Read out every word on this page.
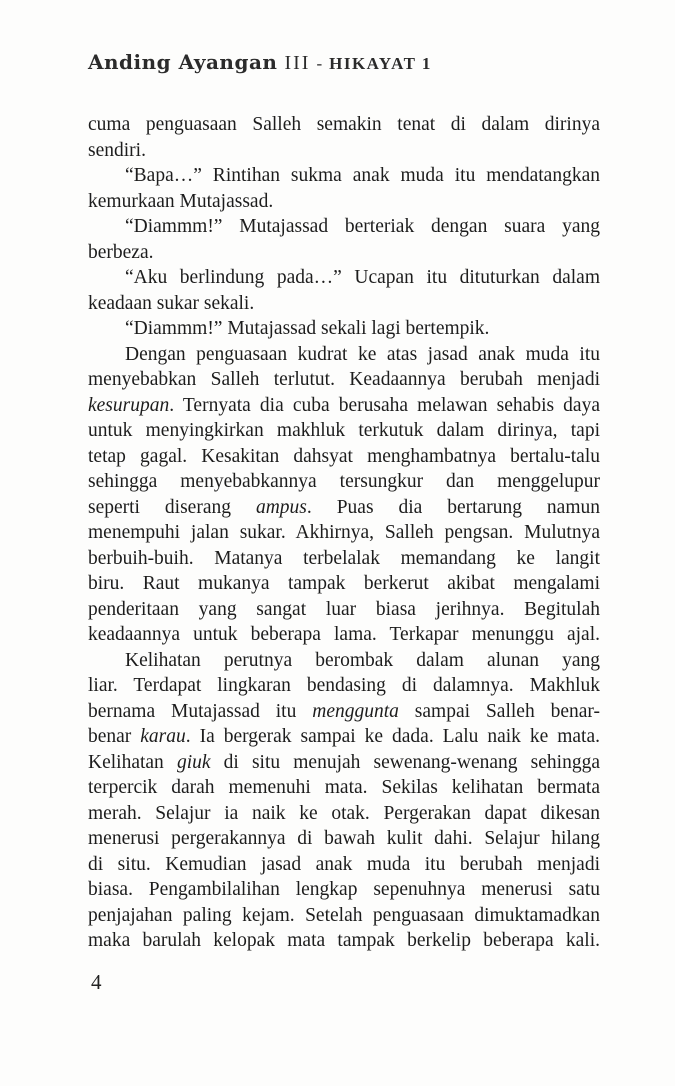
Anding Ayangan III - HIKAYAT 1
cuma penguasaan Salleh semakin tenat di dalam dirinya
sendiri.
“Bapa…” Rintihan sukma anak muda itu mendatangkan
kemurkaan Mutajassad.
“Diammm!” Mutajassad berteriak dengan suara yang
berbeza.
“Aku berlindung pada…” Ucapan itu dituturkan dalam
keadaan sukar sekali.
“Diammm!” Mutajassad sekali lagi bertempik.
Dengan penguasaan kudrat ke atas jasad anak muda itu
menyebabkan Salleh terlutut. Keadaannya berubah menjadi
kesurupan. Ternyata dia cuba berusaha melawan sehabis daya
untuk menyingkirkan makhluk terkutuk dalam dirinya, tapi
tetap gagal. Kesakitan dahsyat menghambatnya bertalu-talu
sehingga menyebabkannya tersungkur dan menggelupur
seperti diserang ampus. Puas dia bertarung namun
menempuhi jalan sukar. Akhirnya, Salleh pengsan. Mulutnya
berbuih-buih. Matanya terbelalak memandang ke langit
biru. Raut mukanya tampak berkerut akibat mengalami
penderitaan yang sangat luar biasa jerihnya. Begitulah
keadaannya untuk beberapa lama. Terkapar menunggu ajal.
Kelihatan perutnya berombak dalam alunan yang
liar. Terdapat lingkaran bendasing di dalamnya. Makhluk
bernama Mutajassad itu menggunta sampai Salleh benar-
benar karau. Ia bergerak sampai ke dada. Lalu naik ke mata.
Kelihatan giuk di situ menujah sewenang-wenang sehingga
terpercik darah memenuhi mata. Sekilas kelihatan bermata
merah. Selajur ia naik ke otak. Pergerakan dapat dikesan
menerusi pergerakannya di bawah kulit dahi. Selajur hilang
di situ. Kemudian jasad anak muda itu berubah menjadi
biasa. Pengambilalihan lengkap sepenuhnya menerusi satu
penjajahan paling kejam. Setelah penguasaan dimuktamadkan
maka barulah kelopak mata tampak berkelip beberapa kali.
4
